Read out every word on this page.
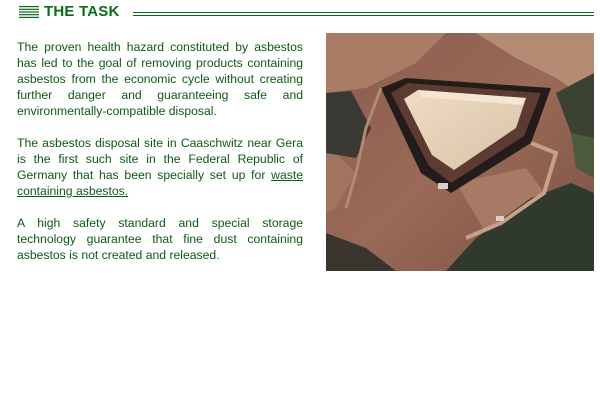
THE TASK

The proven health hazard constituted by asbestos has led to the goal of removing products containing asbestos from the economic cycle without creating further danger and guaranteeing safe and environmentally-compatible disposal.

The asbestos disposal site in Caaschwitz near Gera is the first such site in the Federal Republic of Germany that has been specially set up for waste containing asbestos.

A high safety standard and special storage technology guarantee that fine dust containing asbestos is not created and released.
